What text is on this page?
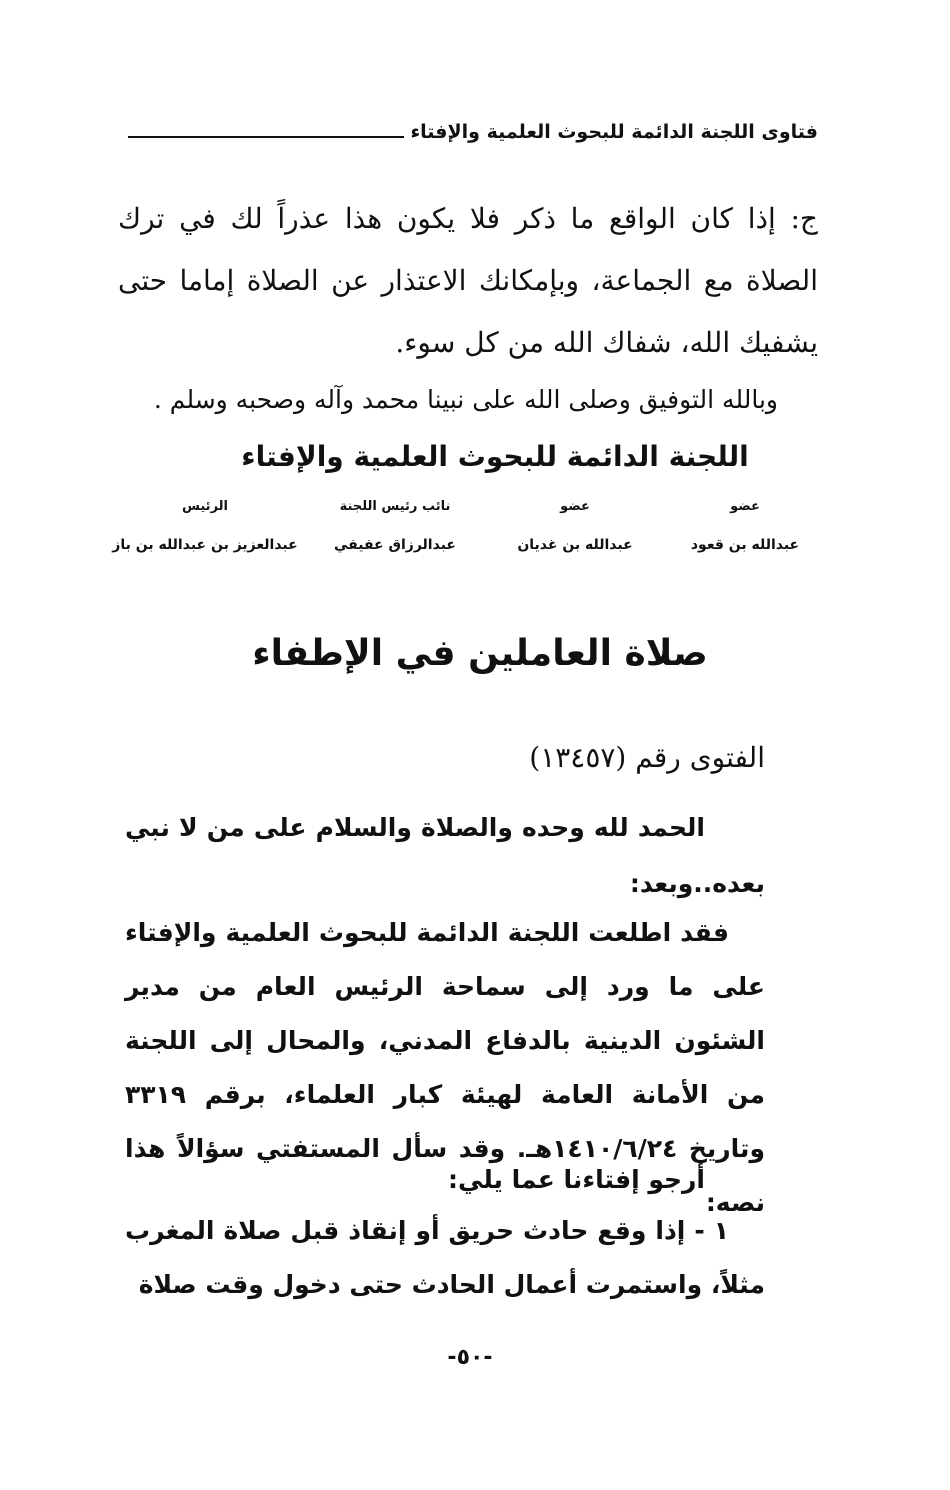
فتاوى اللجنة الدائمة للبحوث العلمية والإفتاء

ج: إذا كان الواقع ما ذكر فلا يكون هذا عذراً لك في ترك الصلاة مع الجماعة، وبإمكانك الاعتذار عن الصلاة إماما حتى يشفيك الله، شفاك الله من كل سوء.

وبالله التوفيق وصلى الله على نبينا محمد وآله وصحبه وسلم .
اللجنة الدائمة للبحوث العلمية والإفتاء
عضو
عبدالله بن قعود
عضو
عبدالله بن غديان
نائب رئيس اللجنة
عبدالرزاق عفيفي
الرئيس
عبدالعزيز بن عبدالله بن باز
صلاة العاملين في الإطفاء
الفتوى رقم (١٣٤٥٧)

الحمد لله وحده والصلاة والسلام على من لا نبي بعده..وبعد:

فقد اطلعت اللجنة الدائمة للبحوث العلمية والإفتاء على ما ورد إلى سماحة الرئيس العام من مدير الشئون الدينية بالدفاع المدني، والمحال إلى اللجنة من الأمانة العامة لهيئة كبار العلماء، برقم ٣٣١٩ وتاريخ ١٤١٠/٦/٢٤هـ. وقد سأل المستفتي سؤالاً هذا نصه:

أرجو إفتاءنا عما يلي:

١ - إذا وقع حادث حريق أو إنقاذ قبل صلاة المغرب مثلاً، واستمرت أعمال الحادث حتى دخول وقت صلاة

-٥٠-
